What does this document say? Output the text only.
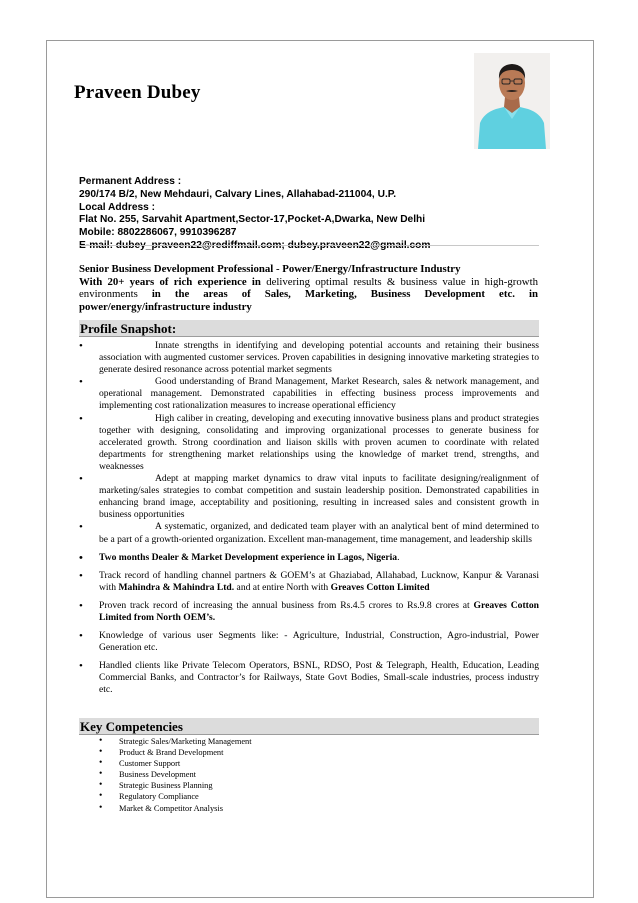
Praveen Dubey
Permanent Address :
290/174 B/2, New Mehdauri, Calvary Lines, Allahabad-211004, U.P.
Local Address :
Flat No. 255, Sarvahit Apartment,Sector-17,Pocket-A,Dwarka, New Delhi
Mobile: 8802286067, 9910396287
E-mail: dubey_praveen22@rediffmail.com; dubey.praveen22@gmail.com
Senior Business Development Professional - Power/Energy/Infrastructure Industry
With 20+ years of rich experience in delivering optimal results & business value in high-growth environments in the areas of Sales, Marketing, Business Development etc. in
power/energy/infrastructure industry
Profile Snapshot:
•	Innate strengths in identifying and developing potential accounts and retaining their business association with augmented customer services. Proven capabilities in designing innovative marketing strategies to generate desired resonance across potential market segments
•	Good understanding of Brand Management, Market Research, sales & network management, and operational management. Demonstrated capabilities in effecting business process improvements and implementing cost rationalization measures to increase operational efficiency
•	High caliber in creating, developing and executing innovative business plans and product strategies together with designing, consolidating and improving organizational processes to generate business for accelerated growth. Strong coordination and liaison skills with proven acumen to coordinate with related departments for strengthening market relationships using the knowledge of market trend, strengths, and weaknesses
•	Adept at mapping market dynamics to draw vital inputs to facilitate designing/realignment of marketing/sales strategies to combat competition and sustain leadership position. Demonstrated capabilities in enhancing brand image, acceptability and positioning, resulting in increased sales and consistent growth in business opportunities
•	A systematic, organized, and dedicated team player with an analytical bent of mind determined to be a part of a growth-oriented organization. Excellent man-management, time management, and leadership skills
• Two months Dealer & Market Development experience in Lagos, Nigeria.
• Track record of handling channel partners & GOEM’s at Ghaziabad, Allahabad, Lucknow, Kanpur & Varanasi with Mahindra & Mahindra Ltd. and at entire North with Greaves Cotton Limited
• Proven track record of increasing the annual business from Rs.4.5 crores to Rs.9.8 crores at Greaves Cotton Limited from North OEM’s.
• Knowledge of various user Segments like: - Agriculture, Industrial, Construction, Agro-industrial, Power Generation etc.
• Handled clients like Private Telecom Operators, BSNL, RDSO, Post & Telegraph, Health, Education, Leading Commercial Banks, and Contractor’s for Railways, State Govt Bodies, Small-scale industries, process industry etc.
Key Competencies
• Strategic Sales/Marketing Management
• Product & Brand Development
• Customer Support
• Business Development
• Strategic Business Planning
• Regulatory Compliance
• Market & Competitor Analysis
